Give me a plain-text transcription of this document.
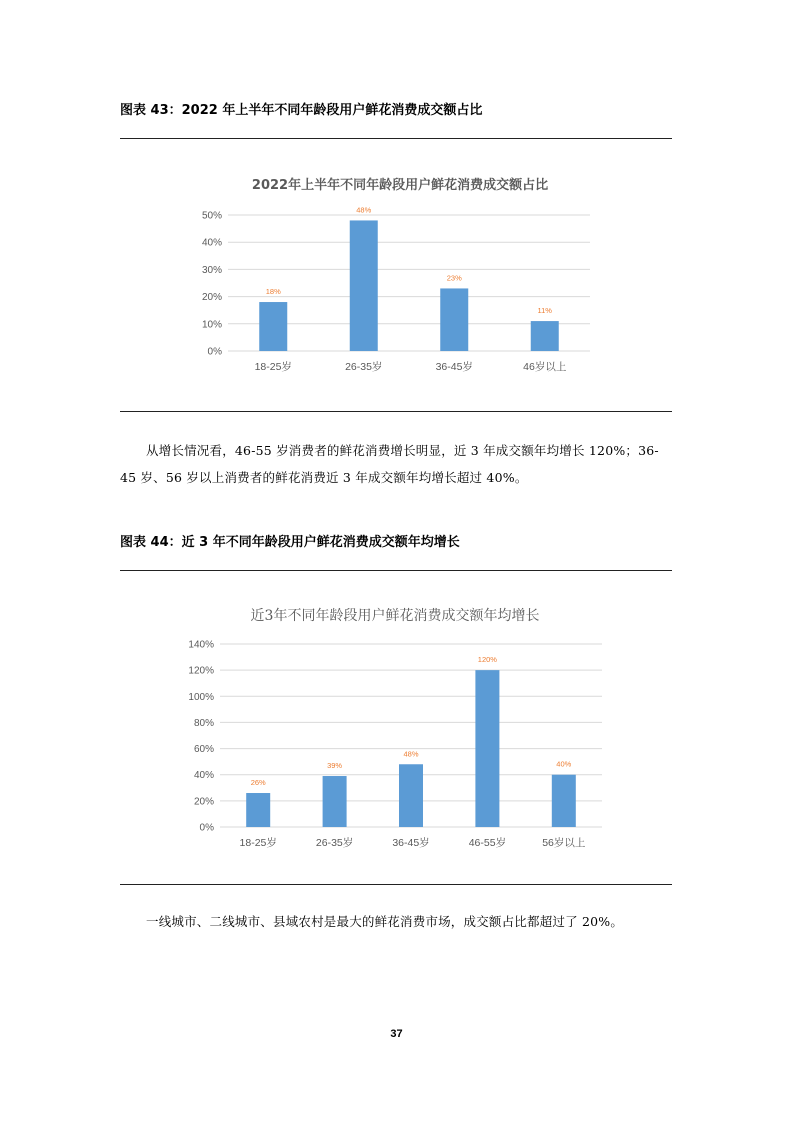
图表 43：2022 年上半年不同年龄段用户鲜花消费成交额占比
2022年上半年不同年龄段用户鲜花消费成交额占比
0%
10%
20%
30%
40%
50%
18%
18-25岁
48%
26-35岁
23%
36-45岁
11%
46岁以上
从增长情况看，46-55 岁消费者的鲜花消费增长明显，近 3 年成交额年均增长 120%；36-45 岁、56 岁以上消费者的鲜花消费近 3 年成交额年均增长超过 40%。
图表 44：近 3 年不同年龄段用户鲜花消费成交额年均增长
近3年不同年龄段用户鲜花消费成交额年均增长
0%
20%
40%
60%
80%
100%
120%
140%
26%
18-25岁
39%
26-35岁
48%
36-45岁
120%
46-55岁
40%
56岁以上
一线城市、二线城市、县域农村是最大的鲜花消费市场，成交额占比都超过了 20%。
37
